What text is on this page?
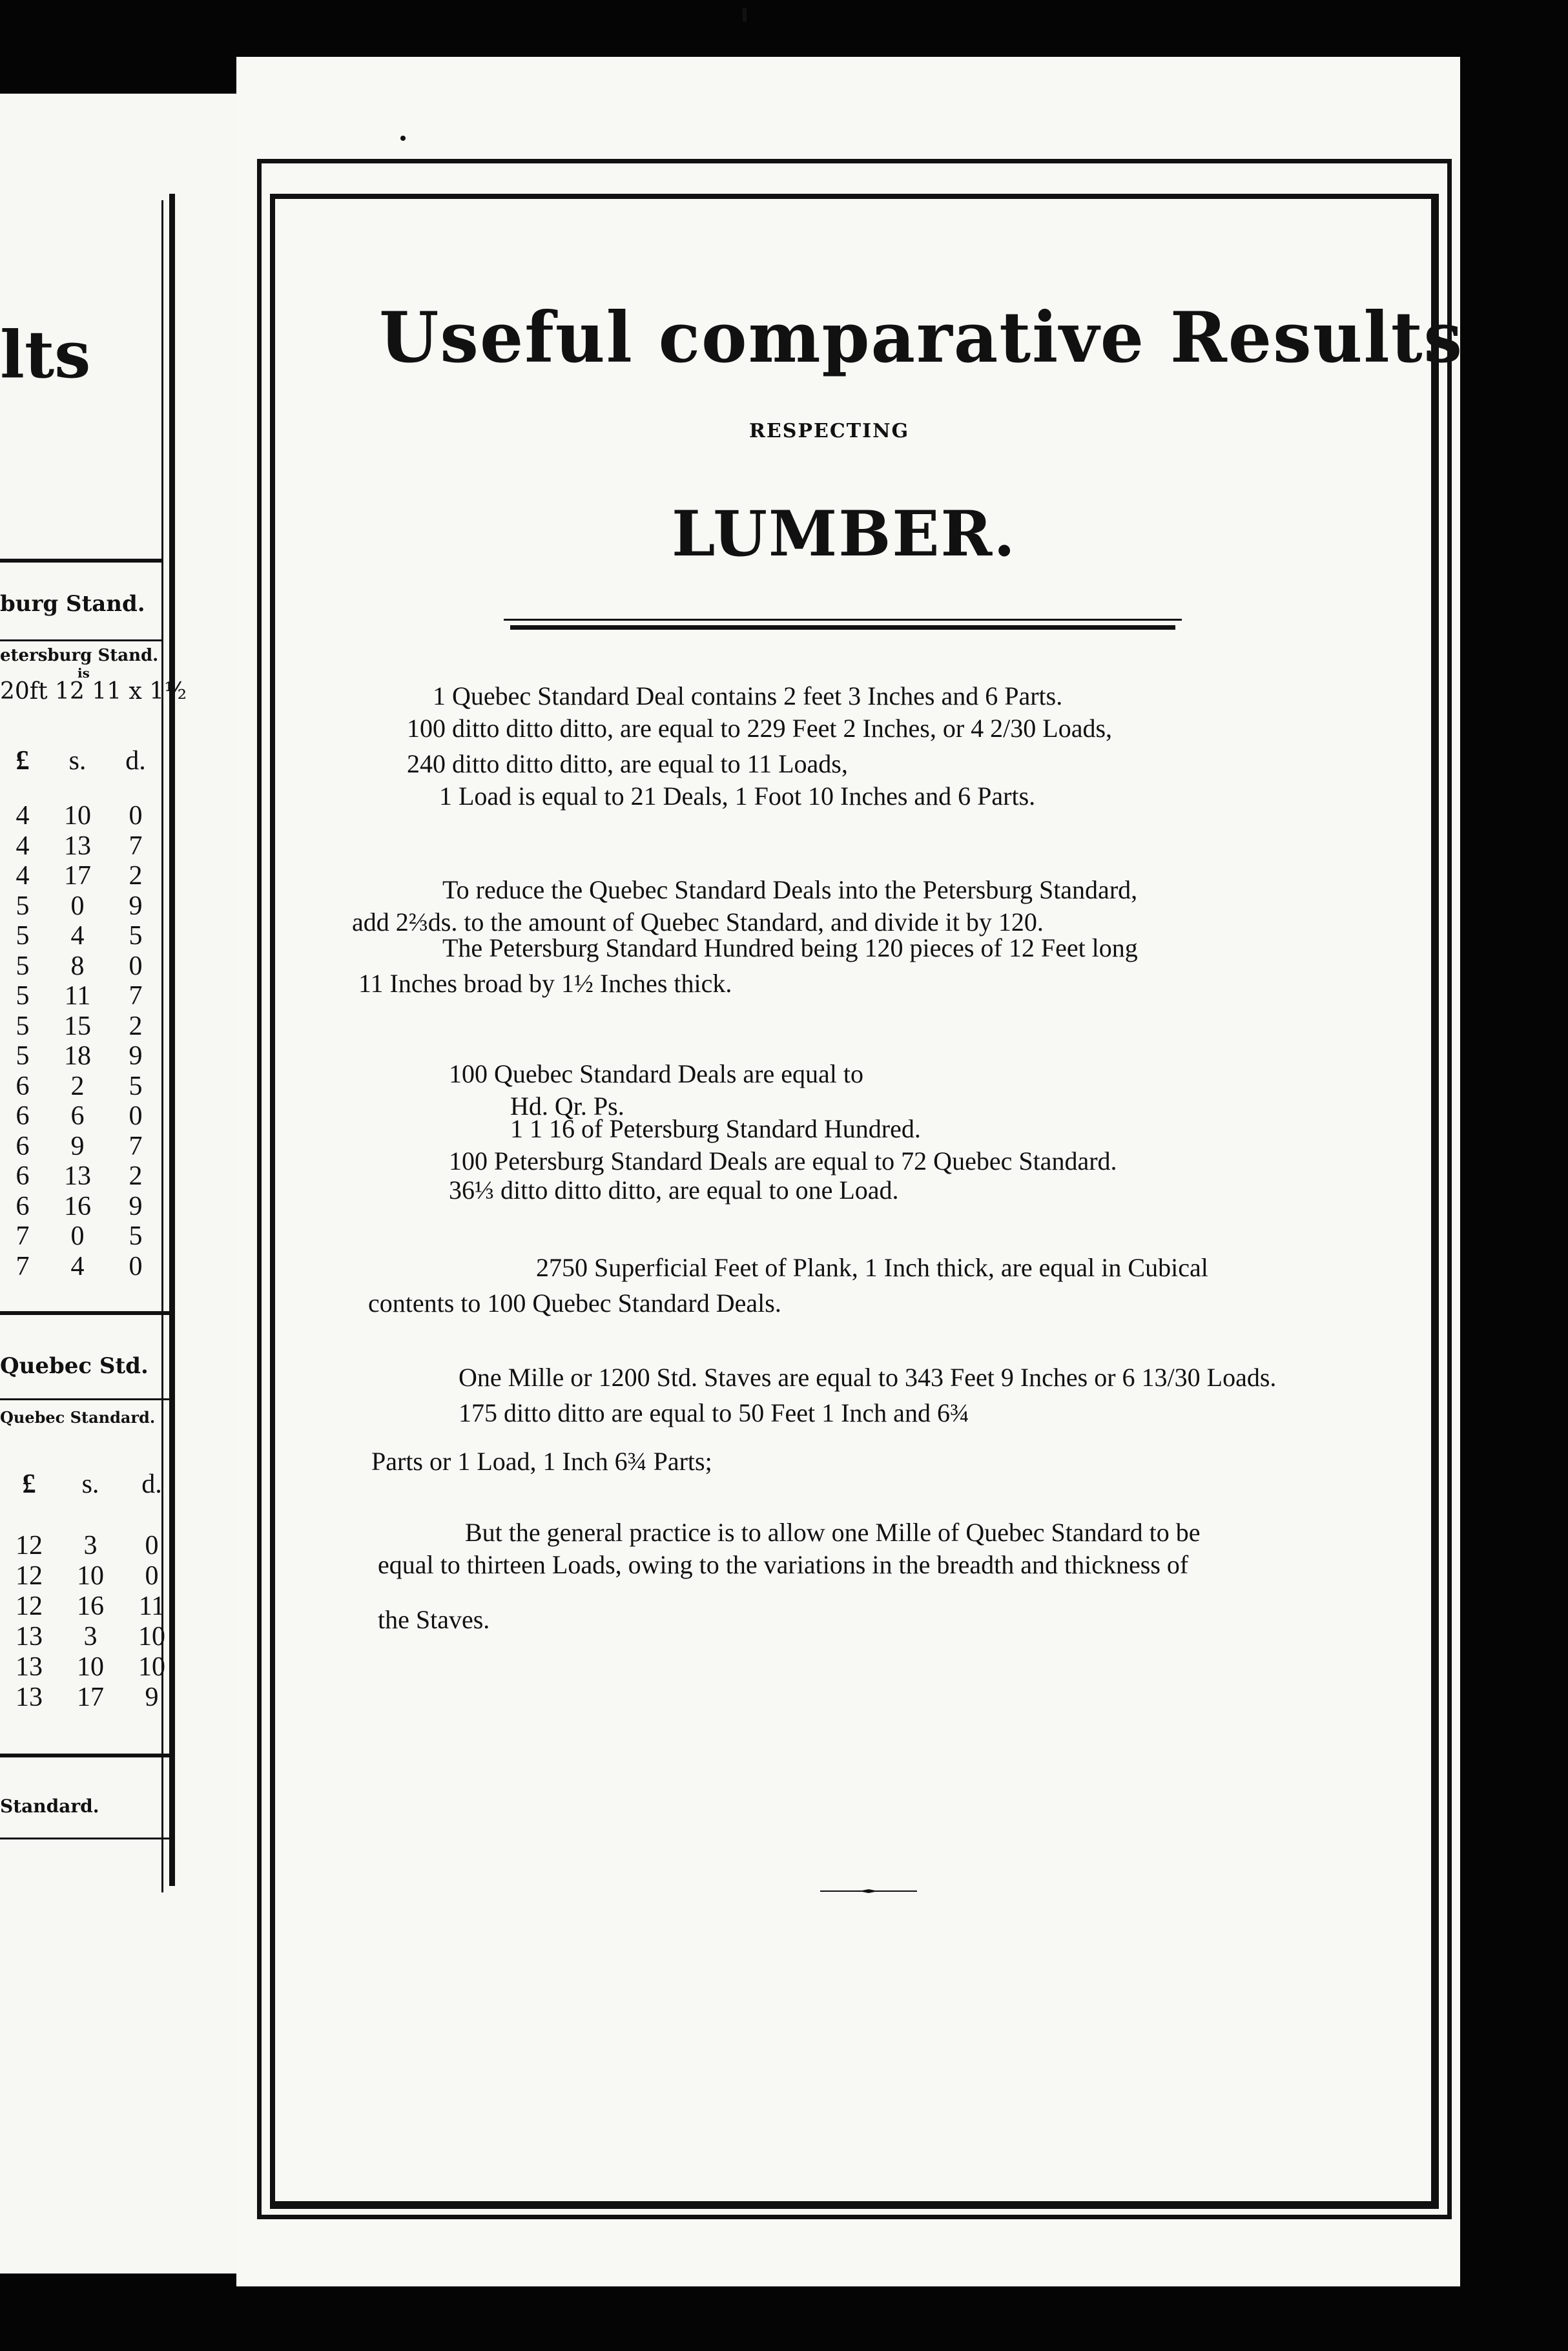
lts
burg Stand.
etersburg Stand.
is
20ft 12 11 x 1½
£	s.	d.
4	10	0
4	13	7
4	17	2
5	0	9
5	4	5
5	8	0
5	11	7
5	15	2
5	18	9
6	2	5
6	6	0
6	9	7
6	13	2
6	16	9
7	0	5
7	4	0
Quebec Std.
Quebec Standard.
£	s.	d.
12	3	0
12	10	0
12	16	11
13	3	10
13	10	10
13	17	9
Standard.
Useful comparative Results
RESPECTING
LUMBER.
1 Quebec Standard Deal contains 2 feet 3 Inches and 6 Parts.
100 ditto ditto ditto, are equal to 229 Feet 2 Inches, or 4 2/30 Loads,
240 ditto ditto ditto, are equal to 11 Loads,
1 Load is equal to 21 Deals, 1 Foot 10 Inches and 6 Parts.
To reduce the Quebec Standard Deals into the Petersburg Standard,
add 2⅔ds. to the amount of Quebec Standard, and divide it by 120.
The Petersburg Standard Hundred being 120 pieces of 12 Feet long
11 Inches broad by 1½ Inches thick.
100 Quebec Standard Deals are equal to
Hd. Qr. Ps.
1 1 16 of Petersburg Standard Hundred.
100 Petersburg Standard Deals are equal to 72 Quebec Standard.
36⅓ ditto ditto ditto, are equal to one Load.
2750 Superficial Feet of Plank, 1 Inch thick, are equal in Cubical
contents to 100 Quebec Standard Deals.
One Mille or 1200 Std. Staves are equal to 343 Feet 9 Inches or 6 13/30 Loads.
175 ditto ditto are equal to 50 Feet 1 Inch and 6¾
Parts or 1 Load, 1 Inch 6¾ Parts;
But the general practice is to allow one Mille of Quebec Standard to be
equal to thirteen Loads, owing to the variations in the breadth and thickness of
the Staves.
